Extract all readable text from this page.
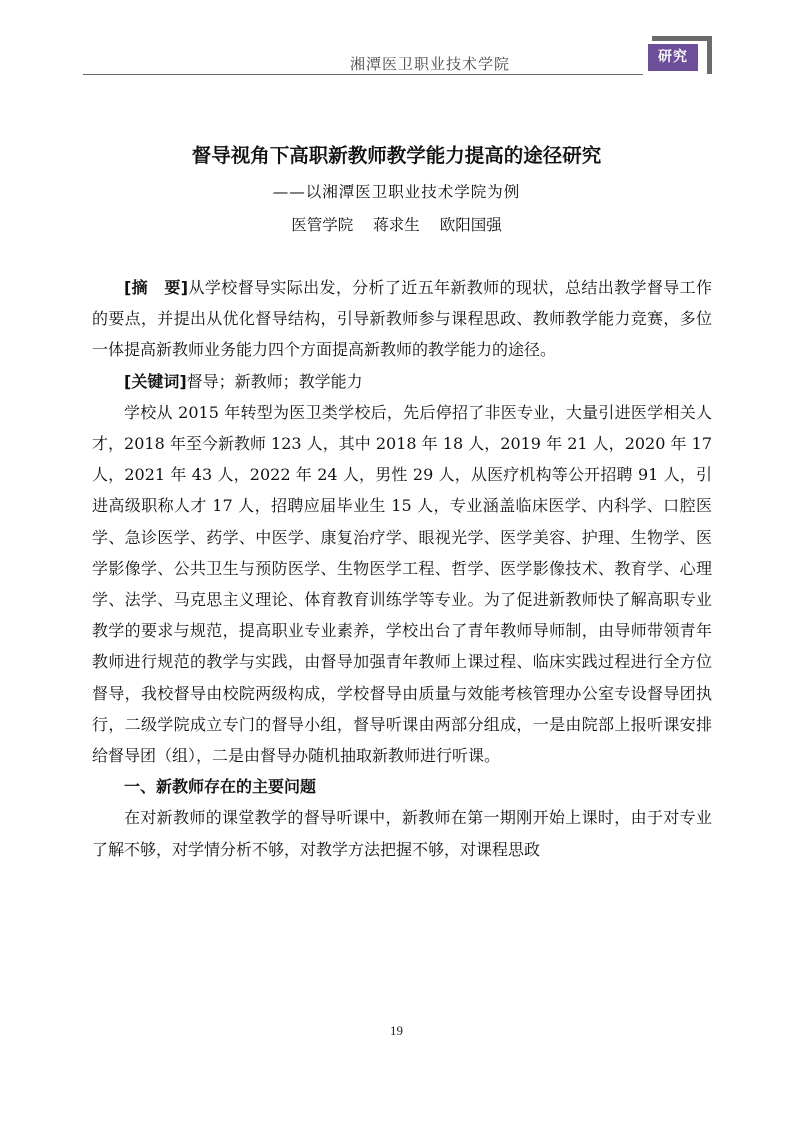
湘潭医卫职业技术学院	研究
督导视角下高职新教师教学能力提高的途径研究
——以湘潭医卫职业技术学院为例
医管学院 蒋求生 欧阳国强

[摘　要]从学校督导实际出发，分析了近五年新教师的现状，总结出教学督导工作的要点，并提出从优化督导结构，引导新教师参与课程思政、教师教学能力竞赛，多位一体提高新教师业务能力四个方面提高新教师的教学能力的途径。

[关键词]督导；新教师；教学能力

学校从 2015 年转型为医卫类学校后，先后停招了非医专业，大量引进医学相关人才，2018 年至今新教师 123 人，其中 2018 年 18 人，2019 年 21 人，2020 年 17 人，2021 年 43 人，2022 年 24 人，男性 29 人，从医疗机构等公开招聘 91 人，引进高级职称人才 17 人，招聘应届毕业生 15 人，专业涵盖临床医学、内科学、口腔医学、急诊医学、药学、中医学、康复治疗学、眼视光学、医学美容、护理、生物学、医学影像学、公共卫生与预防医学、生物医学工程、哲学、医学影像技术、教育学、心理学、法学、马克思主义理论、体育教育训练学等专业。为了促进新教师快了解高职专业教学的要求与规范，提高职业专业素养，学校出台了青年教师导师制，由导师带领青年教师进行规范的教学与实践，由督导加强青年教师上课过程、临床实践过程进行全方位督导，我校督导由校院两级构成，学校督导由质量与效能考核管理办公室专设督导团执行，二级学院成立专门的督导小组，督导听课由两部分组成，一是由院部上报听课安排给督导团（组），二是由督导办随机抽取新教师进行听课。

一、新教师存在的主要问题

在对新教师的课堂教学的督导听课中，新教师在第一期刚开始上课时，由于对专业了解不够，对学情分析不够，对教学方法把握不够，对课程思政

19
